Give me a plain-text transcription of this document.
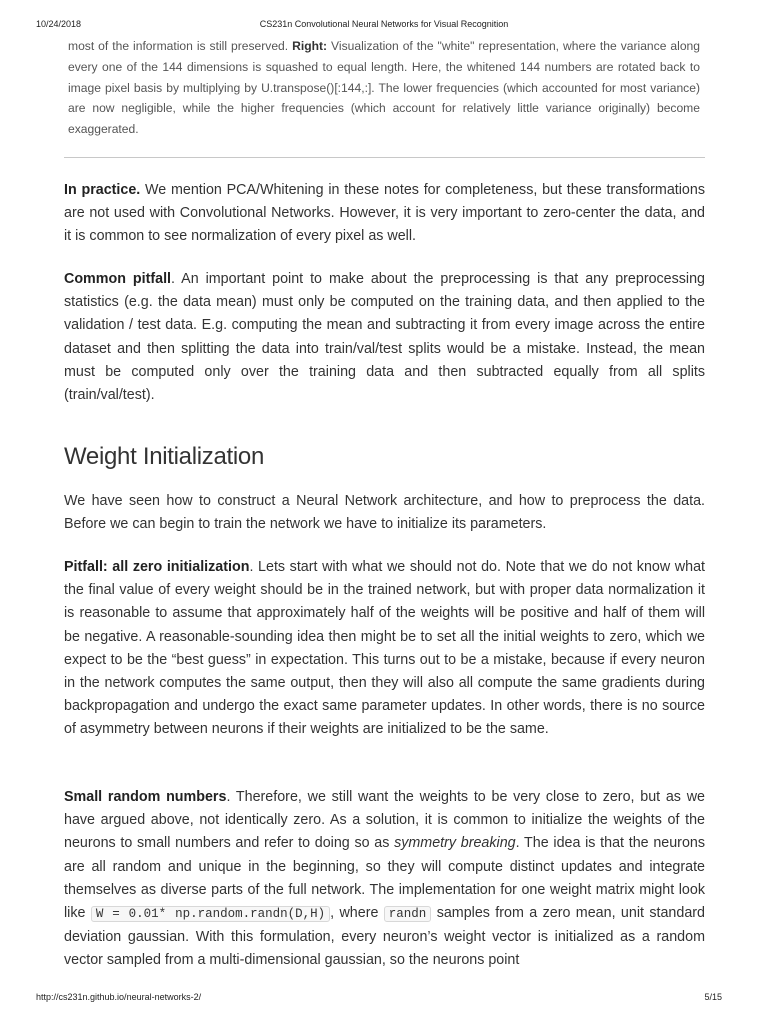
10/24/2018	CS231n Convolutional Neural Networks for Visual Recognition
most of the information is still preserved. Right: Visualization of the "white" representation, where the variance along every one of the 144 dimensions is squashed to equal length. Here, the whitened 144 numbers are rotated back to image pixel basis by multiplying by U.transpose()[:144,:]. The lower frequencies (which accounted for most variance) are now negligible, while the higher frequencies (which account for relatively little variance originally) become exaggerated.

In practice. We mention PCA/Whitening in these notes for completeness, but these transformations are not used with Convolutional Networks. However, it is very important to zero-center the data, and it is common to see normalization of every pixel as well.

Common pitfall. An important point to make about the preprocessing is that any preprocessing statistics (e.g. the data mean) must only be computed on the training data, and then applied to the validation / test data. E.g. computing the mean and subtracting it from every image across the entire dataset and then splitting the data into train/val/test splits would be a mistake. Instead, the mean must be computed only over the training data and then subtracted equally from all splits (train/val/test).

Weight Initialization

We have seen how to construct a Neural Network architecture, and how to preprocess the data. Before we can begin to train the network we have to initialize its parameters.

Pitfall: all zero initialization. Lets start with what we should not do. Note that we do not know what the final value of every weight should be in the trained network, but with proper data normalization it is reasonable to assume that approximately half of the weights will be positive and half of them will be negative. A reasonable-sounding idea then might be to set all the initial weights to zero, which we expect to be the “best guess” in expectation. This turns out to be a mistake, because if every neuron in the network computes the same output, then they will also all compute the same gradients during backpropagation and undergo the exact same parameter updates. In other words, there is no source of asymmetry between neurons if their weights are initialized to be the same.

Small random numbers. Therefore, we still want the weights to be very close to zero, but as we have argued above, not identically zero. As a solution, it is common to initialize the weights of the neurons to small numbers and refer to doing so as symmetry breaking. The idea is that the neurons are all random and unique in the beginning, so they will compute distinct updates and integrate themselves as diverse parts of the full network. The implementation for one weight matrix might look like W = 0.01* np.random.randn(D,H) , where randn samples from a zero mean, unit standard deviation gaussian. With this formulation, every neuron’s weight vector is initialized as a random vector sampled from a multi-dimensional gaussian, so the neurons point

http://cs231n.github.io/neural-networks-2/	5/15
